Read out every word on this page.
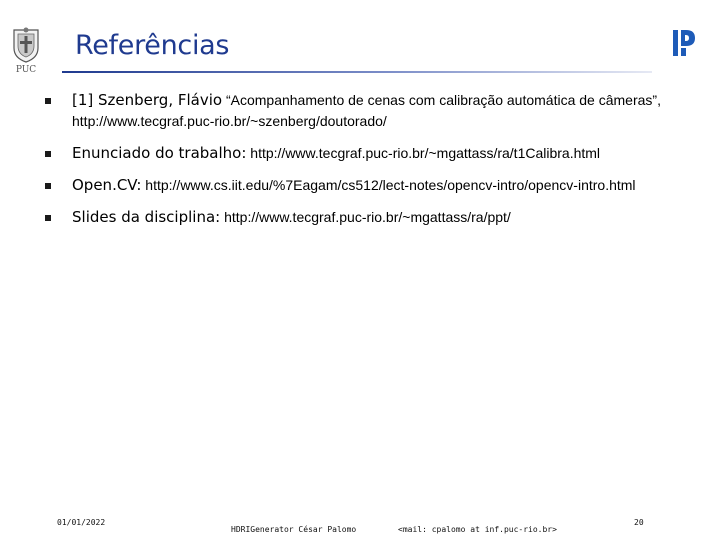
PUC
Referências
[1] Szenberg, Flávio “Acompanhamento de cenas com calibração automática de câmeras”, http://www.tecgraf.puc-rio.br/~szenberg/doutorado/
Enunciado do trabalho: http://www.tecgraf.puc-rio.br/~mgattass/ra/t1Calibra.html
Open.CV: http://www.cs.iit.edu/%7Eagam/cs512/lect-notes/opencv-intro/opencv-intro.html
Slides da disciplina: http://www.tecgraf.puc-rio.br/~mgattass/ra/ppt/
01/01/2022
HDRIGenerator César Palomo	<mail: cpalomo at inf.puc-rio.br>
20
